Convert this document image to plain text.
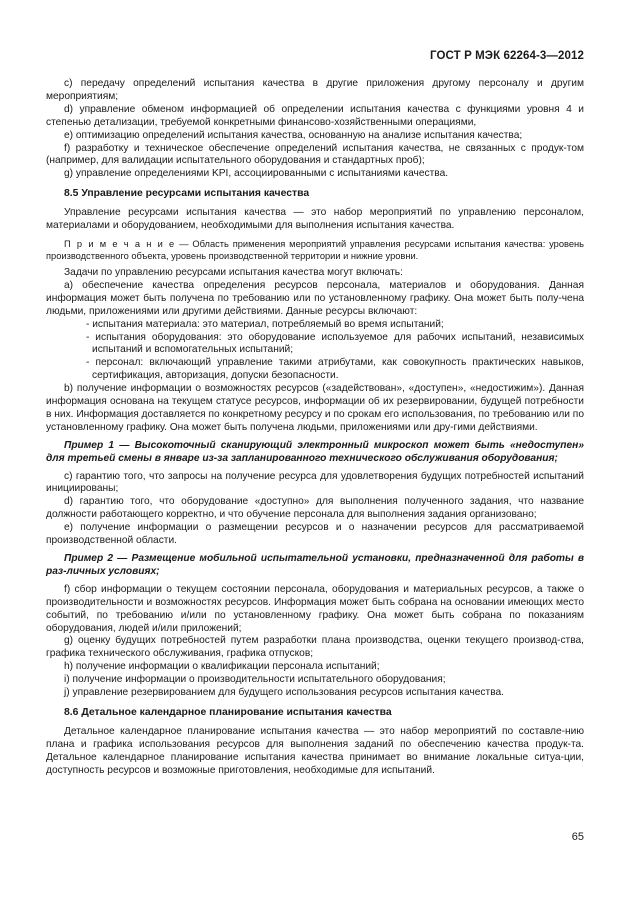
ГОСТ Р МЭК 62264-3—2012

c) передачу определений испытания качества в другие приложения другому персоналу и другим мероприятиям;

d) управление обменом информацией об определении испытания качества с функциями уровня 4 и степенью детализации, требуемой конкретными финансово-хозяйственными операциями,

e) оптимизацию определений испытания качества, основанную на анализе испытания качества;

f) разработку и техническое обеспечение определений испытания качества, не связанных с продук-том (например, для валидации испытательного оборудования и стандартных проб);

g) управление определениями KPI, ассоциированными с испытаниями качества.

8.5 Управление ресурсами испытания качества

Управление ресурсами испытания качества — это набор мероприятий по управлению персоналом, материалами и оборудованием, необходимыми для выполнения испытания качества.

П р и м е ч а н и е — Область применения мероприятий управления ресурсами испытания качества: уровень производственного объекта, уровень производственной территории и нижние уровни.

Задачи по управлению ресурсами испытания качества могут включать:

a) обеспечение качества определения ресурсов персонала, материалов и оборудования. Данная информация может быть получена по требованию или по установленному графику. Она может быть полу-чена людьми, приложениями или другими действиями. Данные ресурсы включают:

- испытания материала: это материал, потребляемый во время испытаний;

- испытания оборудования: это оборудование используемое для рабочих испытаний, независимых испытаний и вспомогательных испытаний;

- персонал: включающий управление такими атрибутами, как совокупность практических навыков, сертификация, авторизация, допуски безопасности.

b) получение информации о возможностях ресурсов («задействован», «доступен», «недостижим»). Данная информация основана на текущем статусе ресурсов, информации об их резервировании, будущей потребности в них. Информация доставляется по конкретному ресурсу и по срокам его использования, по требованию или по установленному графику. Она может быть получена людьми, приложениями или дру-гими действиями.

Пример 1 — Высокоточный сканирующий электронный микроскоп может быть «недоступен» для третьей смены в январе из-за запланированного технического обслуживания оборудования;

c) гарантию того, что запросы на получение ресурса для удовлетворения будущих потребностей испытаний инициированы;

d) гарантию того, что оборудование «доступно» для выполнения полученного задания, что название должности работающего корректно, и что обучение персонала для выполнения задания организовано;

e) получение информации о размещении ресурсов и о назначении ресурсов для рассматриваемой производственной области.

Пример 2 — Размещение мобильной испытательной установки, предназначенной для работы в раз-личных условиях;

f) сбор информации о текущем состоянии персонала, оборудования и материальных ресурсов, а также о производительности и возможностях ресурсов. Информация может быть собрана на основании имеющих место событий, по требованию и/или по установленному графику. Она может быть собрана по показаниям оборудования, людей и/или приложений;

g) оценку будущих потребностей путем разработки плана производства, оценки текущего производ-ства, графика технического обслуживания, графика отпусков;

h) получение информации о квалификации персонала испытаний;

i) получение информации о производительности испытательного оборудования;

j) управление резервированием для будущего использования ресурсов испытания качества.

8.6 Детальное календарное планирование испытания качества

Детальное календарное планирование испытания качества — это набор мероприятий по составле-нию плана и графика использования ресурсов для выполнения заданий по обеспечению качества продук-та. Детальное календарное планирование испытания качества принимает во внимание локальные ситуа-ции, доступность ресурсов и возможные приготовления, необходимые для испытаний.

65
